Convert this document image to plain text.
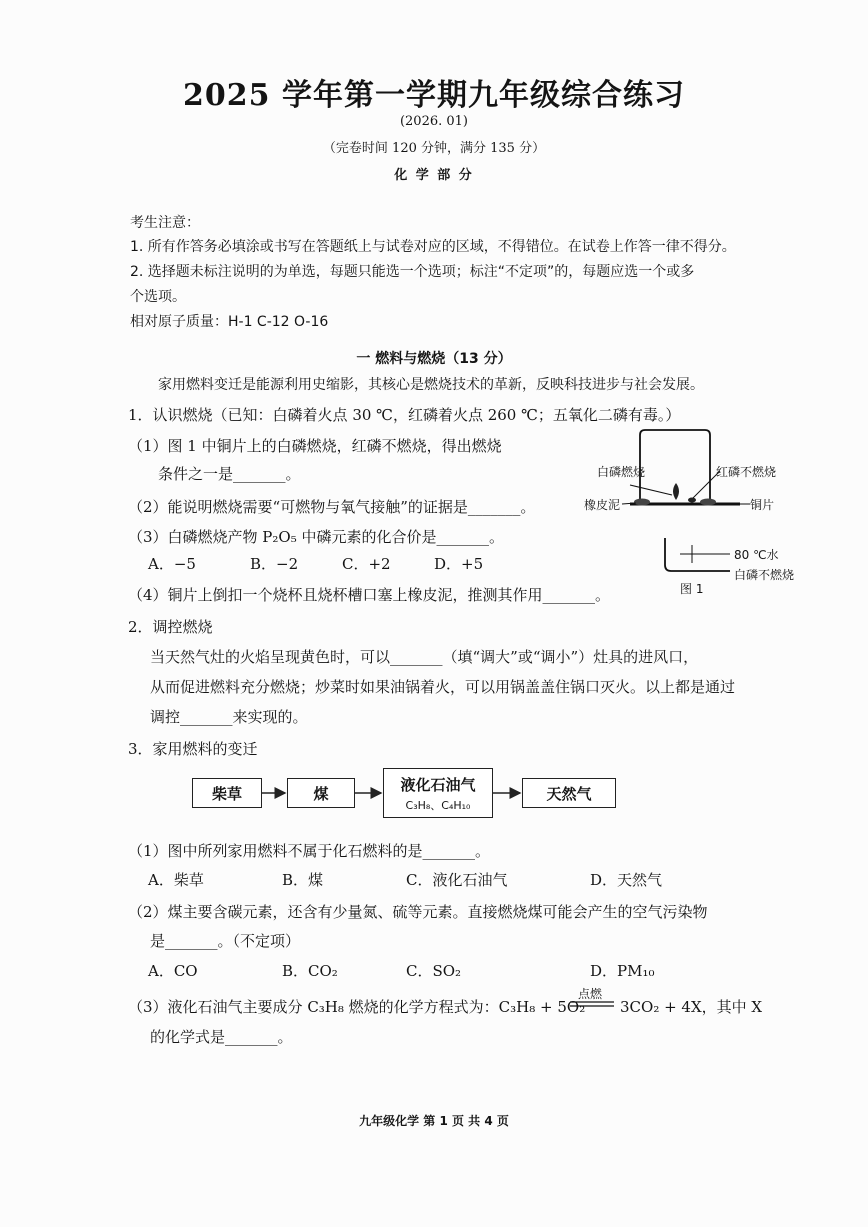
2025 学年第一学期九年级综合练习
(2026. 01)
（完卷时间 120 分钟，满分 135 分）
化 学 部 分
考生注意：
1. 所有作答务必填涂或书写在答题纸上与试卷对应的区域，不得错位。在试卷上作答一律不得分。
2. 选择题未标注说明的为单选，每题只能选一个选项；标注“不定项”的，每题应选一个或多
个选项。
相对原子质量：H-1 C-12 O-16
一 燃料与燃烧（13 分）
家用燃料变迁是能源利用史缩影，其核心是燃烧技术的革新，反映科技进步与社会发展。
1．认识燃烧（已知：白磷着火点 30 ℃，红磷着火点 260 ℃；五氧化二磷有毒。）
（1）图 1 中铜片上的白磷燃烧，红磷不燃烧，得出燃烧
条件之一是_______。
（2）能说明燃烧需要“可燃物与氧气接触”的证据是_______。
（3）白磷燃烧产物 P₂O₅ 中磷元素的化合价是_______。
A．−5	B．−2	C．+2	D．+5
（4）铜片上倒扣一个烧杯且烧杯槽口塞上橡皮泥，推测其作用_______。
白磷燃烧	红磷不燃烧
橡皮泥	铜片
80 ℃水
白磷不燃烧
图 1
2．调控燃烧
当天然气灶的火焰呈现黄色时，可以_______（填“调大”或“调小”）灶具的进风口，
从而促进燃料充分燃烧；炒菜时如果油锅着火，可以用锅盖盖住锅口灭火。以上都是通过
调控_______来实现的。
3．家用燃料的变迁
柴草	煤	液化石油气
C₃H₈、C₄H₁₀
天然气
（1）图中所列家用燃料不属于化石燃料的是_______。
A．柴草	B．煤	C．液化石油气	D．天然气
（2）煤主要含碳元素，还含有少量氮、硫等元素。直接燃烧煤可能会产生的空气污染物
是_______。（不定项）
A．CO	B．CO₂	C．SO₂	D．PM₁₀
（3）液化石油气主要成分 C₃H₈ 燃烧的化学方程式为：C₃H₈ + 5O₂
点燃
3CO₂ + 4X，其中 X
的化学式是_______。
九年级化学 第 1 页 共 4 页
